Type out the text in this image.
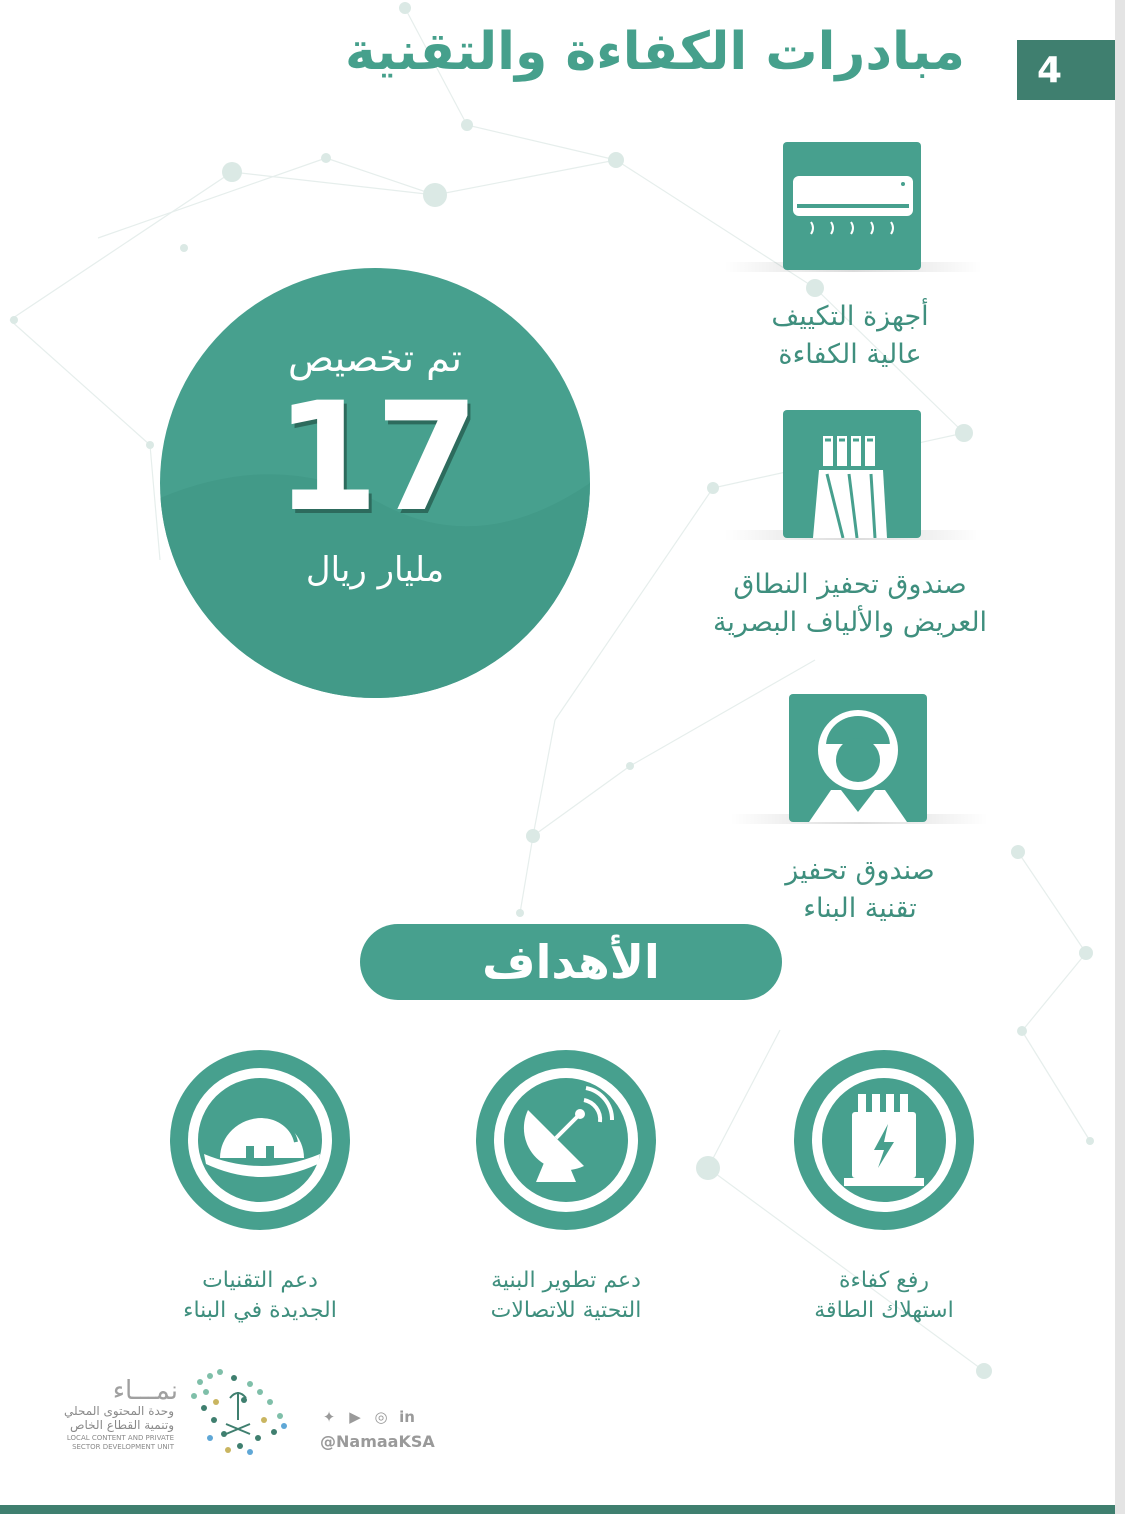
4
مبادرات الكفاءة والتقنية
تم تخصيص
17
مليار ريال
أجهزة التكييف
عالية الكفاءة
صندوق تحفيز النطاق
العريض والألياف البصرية
صندوق تحفيز
تقنية البناء
الأهداف
رفع كفاءة
استهلاك الطاقة
دعم تطوير البنية
التحتية للاتصالات
دعم التقنيات
الجديدة في البناء
نمـــاء
وحدة المحتوى المحلي
وتنمية القطاع الخاص
LOCAL CONTENT AND PRIVATE
SECTOR DEVELOPMENT UNIT
✦ ▶ ◎ in
@NamaaKSA
